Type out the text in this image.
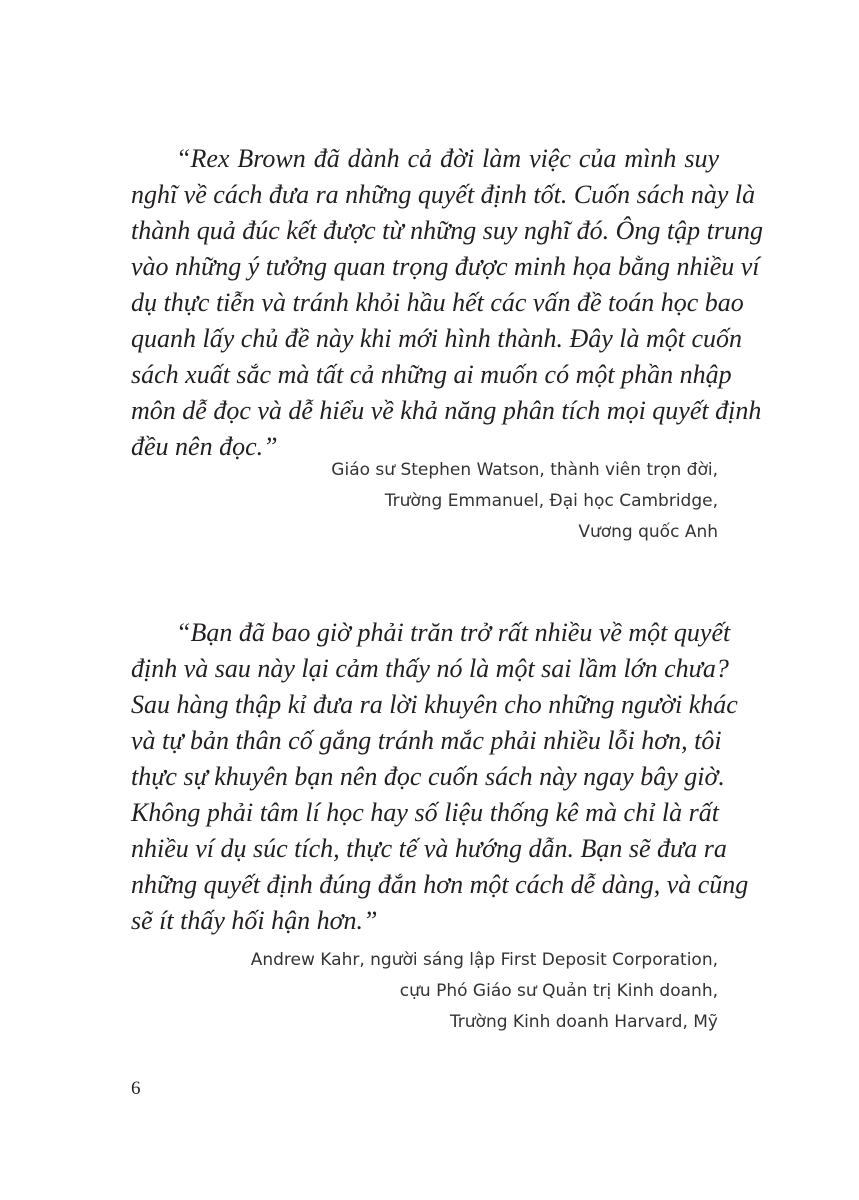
“Rex Brown đã dành cả đời làm việc của mình suy
nghĩ về cách đưa ra những quyết định tốt. Cuốn sách này là
thành quả đúc kết được từ những suy nghĩ đó. Ông tập trung
vào những ý tưởng quan trọng được minh họa bằng nhiều ví
dụ thực tiễn và tránh khỏi hầu hết các vấn đề toán học bao
quanh lấy chủ đề này khi mới hình thành. Đây là một cuốn
sách xuất sắc mà tất cả những ai muốn có một phần nhập
môn dễ đọc và dễ hiểu về khả năng phân tích mọi quyết định
đều nên đọc.”
Giáo sư Stephen Watson, thành viên trọn đời,
Trường Emmanuel, Đại học Cambridge,
Vương quốc Anh
“Bạn đã bao giờ phải trăn trở rất nhiều về một quyết
định và sau này lại cảm thấy nó là một sai lầm lớn chưa?
Sau hàng thập kỉ đưa ra lời khuyên cho những người khác
và tự bản thân cố gắng tránh mắc phải nhiều lỗi hơn, tôi
thực sự khuyên bạn nên đọc cuốn sách này ngay bây giờ.
Không phải tâm lí học hay số liệu thống kê mà chỉ là rất
nhiều ví dụ súc tích, thực tế và hướng dẫn. Bạn sẽ đưa ra
những quyết định đúng đắn hơn một cách dễ dàng, và cũng
sẽ ít thấy hối hận hơn.”
Andrew Kahr, người sáng lập First Deposit Corporation,
cựu Phó Giáo sư Quản trị Kinh doanh,
Trường Kinh doanh Harvard, Mỹ
6
